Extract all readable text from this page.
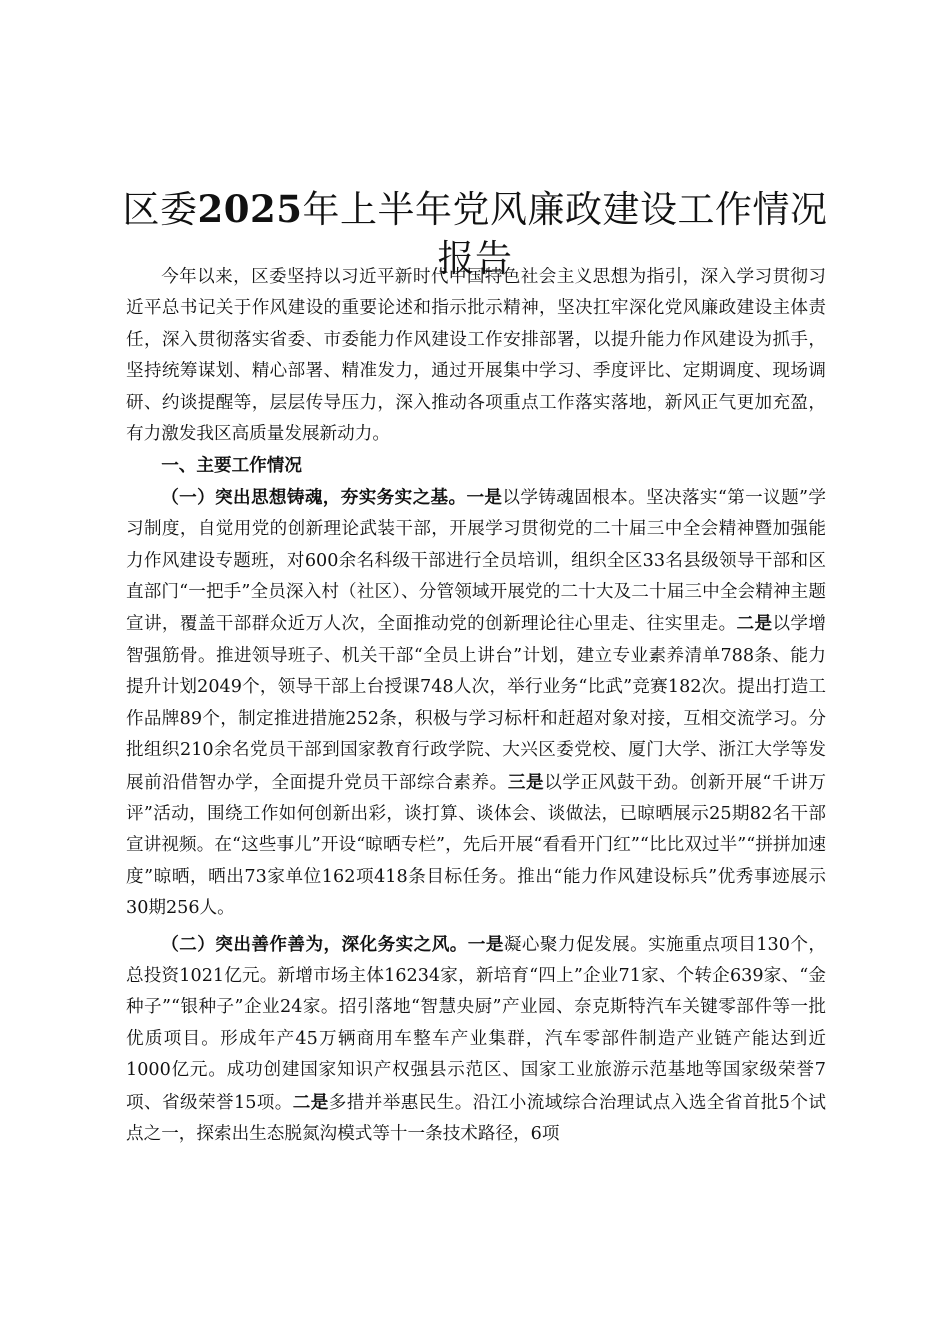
区委2025年上半年党风廉政建设工作情况报告

今年以来，区委坚持以习近平新时代中国特色社会主义思想为指引，深入学习贯彻习近平总书记关于作风建设的重要论述和指示批示精神，坚决扛牢深化党风廉政建设主体责任，深入贯彻落实省委、市委能力作风建设工作安排部署，以提升能力作风建设为抓手，坚持统筹谋划、精心部署、精准发力，通过开展集中学习、季度评比、定期调度、现场调研、约谈提醒等，层层传导压力，深入推动各项重点工作落实落地，新风正气更加充盈，有力激发我区高质量发展新动力。

一、主要工作情况

（一）突出思想铸魂，夯实务实之基。一是以学铸魂固根本。坚决落实“第一议题”学习制度，自觉用党的创新理论武装干部，开展学习贯彻党的二十届三中全会精神暨加强能力作风建设专题班，对600余名科级干部进行全员培训，组织全区33名县级领导干部和区直部门“一把手”全员深入村（社区）、分管领域开展党的二十大及二十届三中全会精神主题宣讲，覆盖干部群众近万人次，全面推动党的创新理论往心里走、往实里走。二是以学增智强筋骨。推进领导班子、机关干部“全员上讲台”计划，建立专业素养清单788条、能力提升计划2049个，领导干部上台授课748人次，举行业务“比武”竞赛182次。提出打造工作品牌89个，制定推进措施252条，积极与学习标杆和赶超对象对接，互相交流学习。分批组织210余名党员干部到国家教育行政学院、大兴区委党校、厦门大学、浙江大学等发展前沿借智办学，全面提升党员干部综合素养。三是以学正风鼓干劲。创新开展“千讲万评”活动，围绕工作如何创新出彩，谈打算、谈体会、谈做法，已晾晒展示25期82名干部宣讲视频。在“这些事儿”开设“晾晒专栏”，先后开展“看看开门红”“比比双过半”“拼拼加速度”晾晒，晒出73家单位162项418条目标任务。推出“能力作风建设标兵”优秀事迹展示30期256人。

（二）突出善作善为，深化务实之风。一是凝心聚力促发展。实施重点项目130个，总投资1021亿元。新增市场主体16234家，新培育“四上”企业71家、个转企639家、“金种子”“银种子”企业24家。招引落地“智慧央厨”产业园、奈克斯特汽车关键零部件等一批优质项目。形成年产45万辆商用车整车产业集群，汽车零部件制造产业链产能达到近1000亿元。成功创建国家知识产权强县示范区、国家工业旅游示范基地等国家级荣誉7项、省级荣誉15项。二是多措并举惠民生。沿江小流域综合治理试点入选全省首批5个试点之一，探索出生态脱氮沟模式等十一条技术路径，6项
